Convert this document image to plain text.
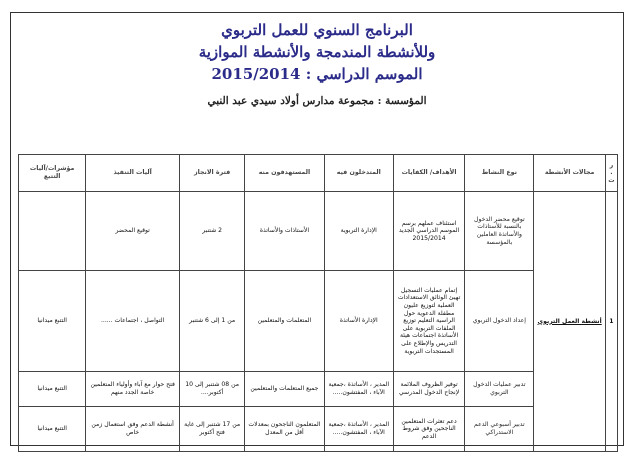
البرنامج السنوي للعمل التربوي
وللأنشطة المندمجة والأنشطة الموازية
الموسم الدراسي : 2015/2014
المؤسسة : مجموعة مدارس أولاد سيدي عبد النبي
ر . ت	مجالات الأنشطة	نوع النشاط	الأهداف/ الكفايات	المتدخلون فيه	المستهدفون منه	فترة الانجاز	آليات التنفيذ	مؤشرات/آليات التتبع
1	أنشطة العمل التربوي	توقيع محضر الدخول بالنسبة للأستاذات والأساتذة العاملين بالمؤسسة	استئناف عملهم برسم الموسم الدراسي الجديد 2015/2014	الإدارة التربوية	الأستاذات والأساتذة	2 شتنبر	توقيع المحضر	
		إعداد الدخول التربوي	إتمام عمليات التسجيل تهيئ الوثائق الاستعدادات العملية لتوزيع عليون مطفلة الدعوية حول الراسية التعليم توزيع الملفات التربوية على الأساتذة اجتماعات هيئة التدريس والإطلاع على المستجدات التربوية	الإدارة الأساتذة	المتعلمات والمتعلمين	من 1 إلى 6 شتنبر	التواصل ، اجتماعات ......	التتبع ميدانيا
		تدبير عمليات الدخول التربوي	توفير الظروف الملائمة لإنجاح الدخول المدرسي	المدير ، الأساتذة ،جمعية الآباء ، المفتشون.....	جميع المتعلمات والمتعلمين	من 08 شتنبر إلى 10 أكتوبر....	فتح حوار مع آباء وأولياء المتعلمين خاصة الجدد منهم	التتبع ميدانيا
		تدبير أسبوعي الدعم الاستدراكي	دعم تعثرات المتعلمين الناجحين وفق شروط الدعم	المدير ، الأساتذة ،جمعية الآباء ، المفتشون.....	المتعلمون الناجحون بمعدلات أقل من المعدل	من 17 شتنبر إلى غاية فتح أكتوبر	أنشطة الدعم وفق استعمال زمن خاص	التتبع ميدانيا
